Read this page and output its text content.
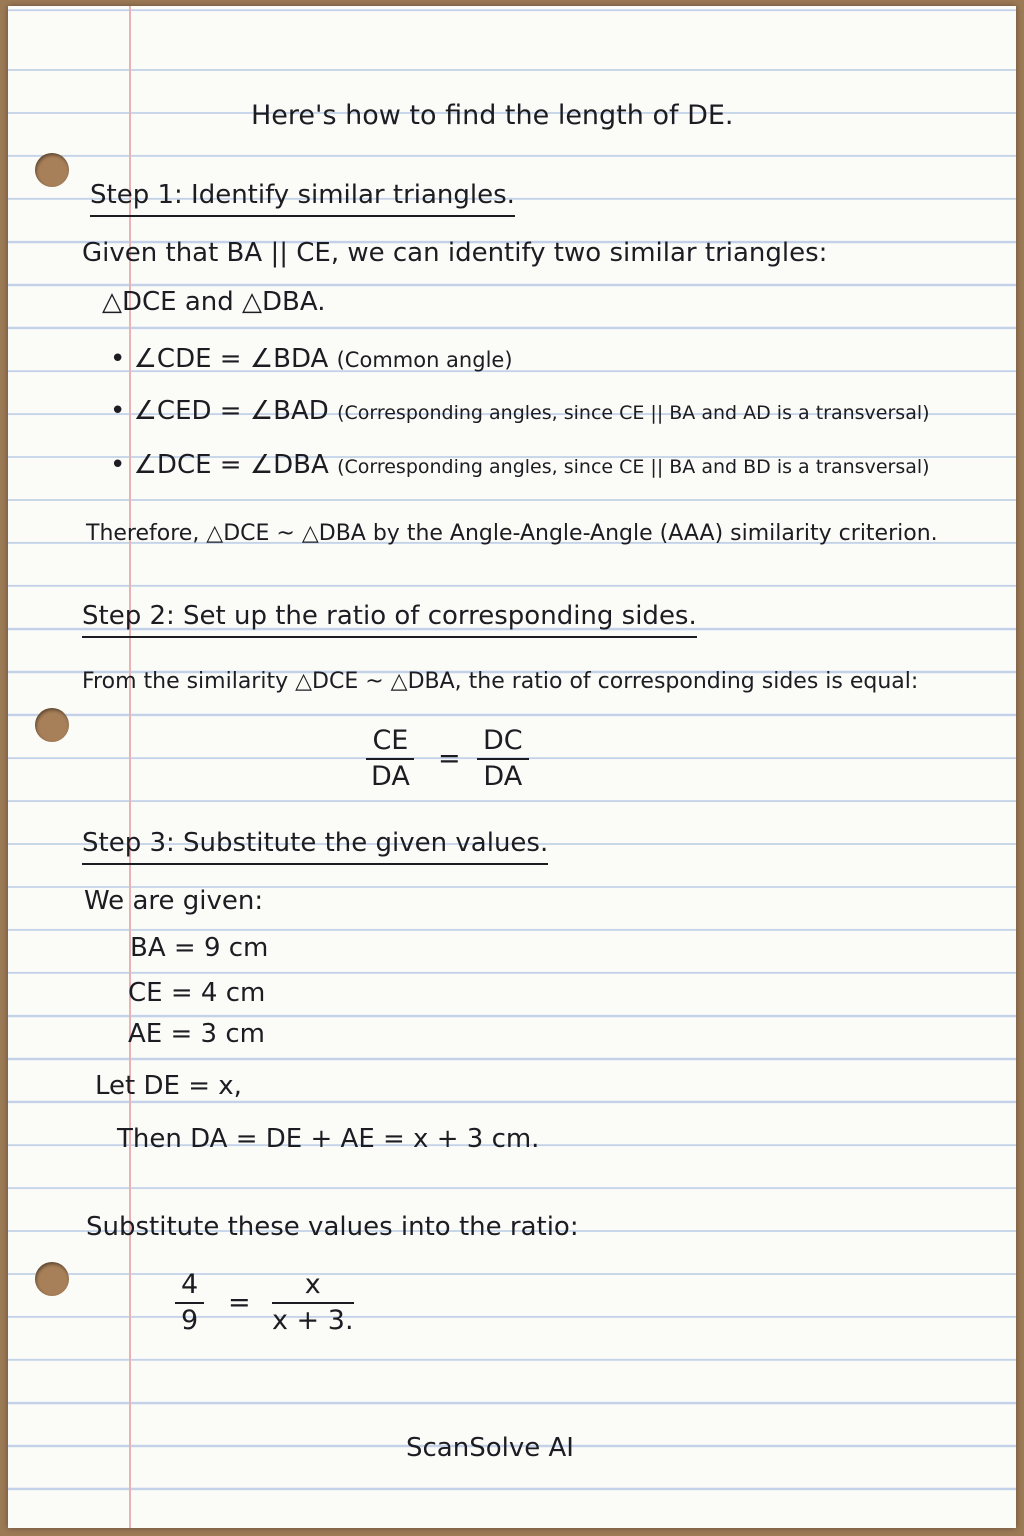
Here's how to find the length of DE.
Step 1: Identify similar triangles.
Given that BA || CE, we can identify two similar triangles:
△DCE and △DBA.
• ∠CDE = ∠BDA (Common angle)
• ∠CED = ∠BAD (Corresponding angles, since CE || BA and AD is a transversal)
• ∠DCE = ∠DBA (Corresponding angles, since CE || BA and BD is a transversal)
Therefore, △DCE ~ △DBA by the Angle-Angle-Angle (AAA) similarity criterion.
Step 2: Set up the ratio of corresponding sides.
From the similarity △DCE ~ △DBA, the ratio of corresponding sides is equal:
$\frac{CE}{DA} = \frac{DC}{DA}$
Step 3: Substitute the given values.
We are given:
BA = 9 cm
CE = 4 cm
AE = 3 cm
Let DE = x,
Then DA = DE + AE = x + 3 cm.
Substitute these values into the ratio:
$\frac{4}{9} = \frac{x}{x + 3.}$
ScanSolve AI
